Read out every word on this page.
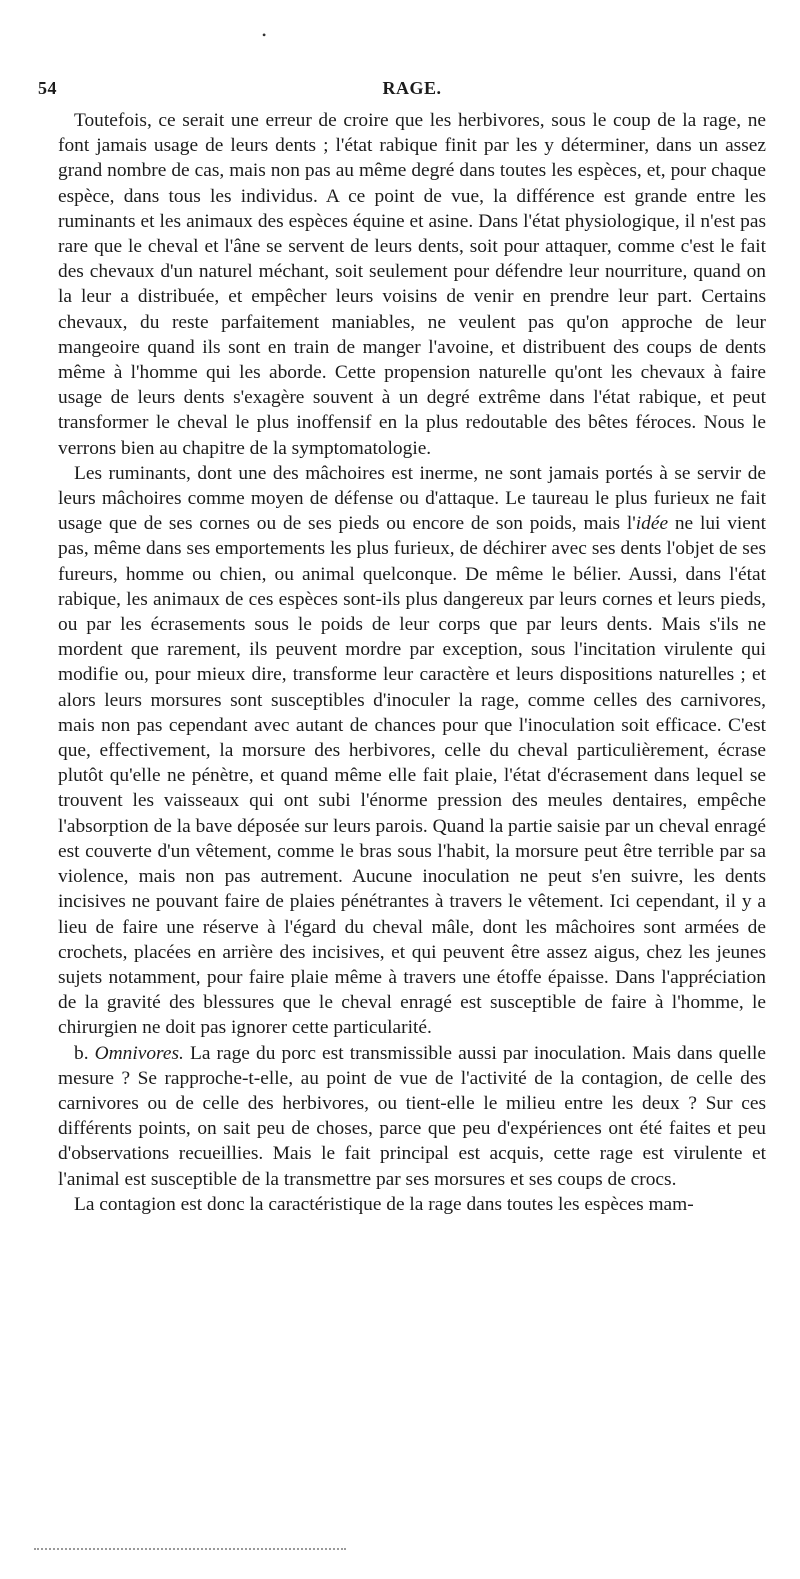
•
54	RAGE.

Toutefois, ce serait une erreur de croire que les herbivores, sous le coup de la rage, ne font jamais usage de leurs dents ; l'état rabique finit par les y déterminer, dans un assez grand nombre de cas, mais non pas au même degré dans toutes les espèces, et, pour chaque espèce, dans tous les individus. A ce point de vue, la différence est grande entre les ruminants et les animaux des espèces équine et asine. Dans l'état physiologique, il n'est pas rare que le cheval et l'âne se servent de leurs dents, soit pour attaquer, comme c'est le fait des chevaux d'un naturel méchant, soit seulement pour défendre leur nourriture, quand on la leur a distribuée, et empêcher leurs voisins de venir en prendre leur part. Certains chevaux, du reste parfaitement maniables, ne veulent pas qu'on approche de leur mangeoire quand ils sont en train de manger l'avoine, et distribuent des coups de dents même à l'homme qui les aborde. Cette propension naturelle qu'ont les chevaux à faire usage de leurs dents s'exagère souvent à un degré extrême dans l'état rabique, et peut transformer le cheval le plus inoffensif en la plus redoutable des bêtes féroces. Nous le verrons bien au chapitre de la symptomatologie.

Les ruminants, dont une des mâchoires est inerme, ne sont jamais portés à se servir de leurs mâchoires comme moyen de défense ou d'attaque. Le taureau le plus furieux ne fait usage que de ses cornes ou de ses pieds ou encore de son poids, mais l'idée ne lui vient pas, même dans ses emportements les plus furieux, de déchirer avec ses dents l'objet de ses fureurs, homme ou chien, ou animal quelconque. De même le bélier. Aussi, dans l'état rabique, les animaux de ces espèces sont-ils plus dangereux par leurs cornes et leurs pieds, ou par les écrasements sous le poids de leur corps que par leurs dents. Mais s'ils ne mordent que rarement, ils peuvent mordre par exception, sous l'incitation virulente qui modifie ou, pour mieux dire, transforme leur caractère et leurs dispositions naturelles ; et alors leurs morsures sont susceptibles d'inoculer la rage, comme celles des carnivores, mais non pas cependant avec autant de chances pour que l'inoculation soit efficace. C'est que, effectivement, la morsure des herbivores, celle du cheval particulièrement, écrase plutôt qu'elle ne pénètre, et quand même elle fait plaie, l'état d'écrasement dans lequel se trouvent les vaisseaux qui ont subi l'énorme pression des meules dentaires, empêche l'absorption de la bave déposée sur leurs parois. Quand la partie saisie par un cheval enragé est couverte d'un vêtement, comme le bras sous l'habit, la morsure peut être terrible par sa violence, mais non pas autrement. Aucune inoculation ne peut s'en suivre, les dents incisives ne pouvant faire de plaies pénétrantes à travers le vêtement. Ici cependant, il y a lieu de faire une réserve à l'égard du cheval mâle, dont les mâchoires sont armées de crochets, placées en arrière des incisives, et qui peuvent être assez aigus, chez les jeunes sujets notamment, pour faire plaie même à travers une étoffe épaisse. Dans l'appréciation de la gravité des blessures que le cheval enragé est susceptible de faire à l'homme, le chirurgien ne doit pas ignorer cette particularité.

b. Omnivores. La rage du porc est transmissible aussi par inoculation. Mais dans quelle mesure ? Se rapproche-t-elle, au point de vue de l'activité de la contagion, de celle des carnivores ou de celle des herbivores, ou tient-elle le milieu entre les deux ? Sur ces différents points, on sait peu de choses, parce que peu d'expériences ont été faites et peu d'observations recueillies. Mais le fait principal est acquis, cette rage est virulente et l'animal est susceptible de la transmettre par ses morsures et ses coups de crocs.

La contagion est donc la caractéristique de la rage dans toutes les espèces mam-
